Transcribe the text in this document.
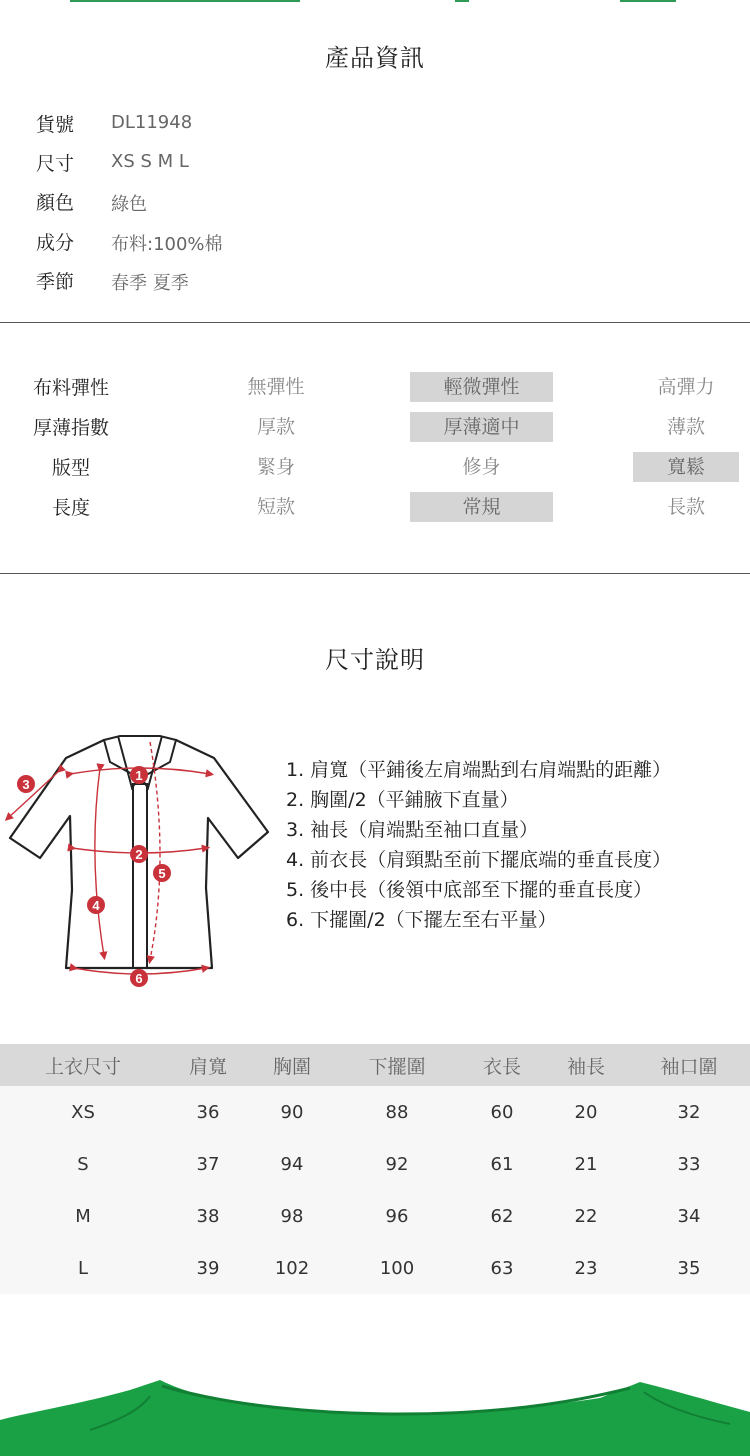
產品資訊
貨號	DL11948
尺寸	XS S M L
顏色	綠色
成分	布料:100%棉
季節	春季 夏季
布料彈性	無彈性	輕微彈性	高彈力
厚薄指數	厚款	厚薄適中	薄款
版型	緊身	修身	寬鬆
長度	短款	常規	長款
尺寸說明
1
2
3
4
5
6
1. 肩寬（平鋪後左肩端點到右肩端點的距離）
2. 胸圍/2（平鋪腋下直量）
3. 袖長（肩端點至袖口直量）
4. 前衣長（肩頸點至前下擺底端的垂直長度）
5. 後中長（後領中底部至下擺的垂直長度）
6. 下擺圍/2（下擺左至右平量）
上衣尺寸	肩寬	胸圍	下擺圍	衣長	袖長	袖口圍
XS	36	90	88	60	20	32
S	37	94	92	61	21	33
M	38	98	96	62	22	34
L	39	102	100	63	23	35
